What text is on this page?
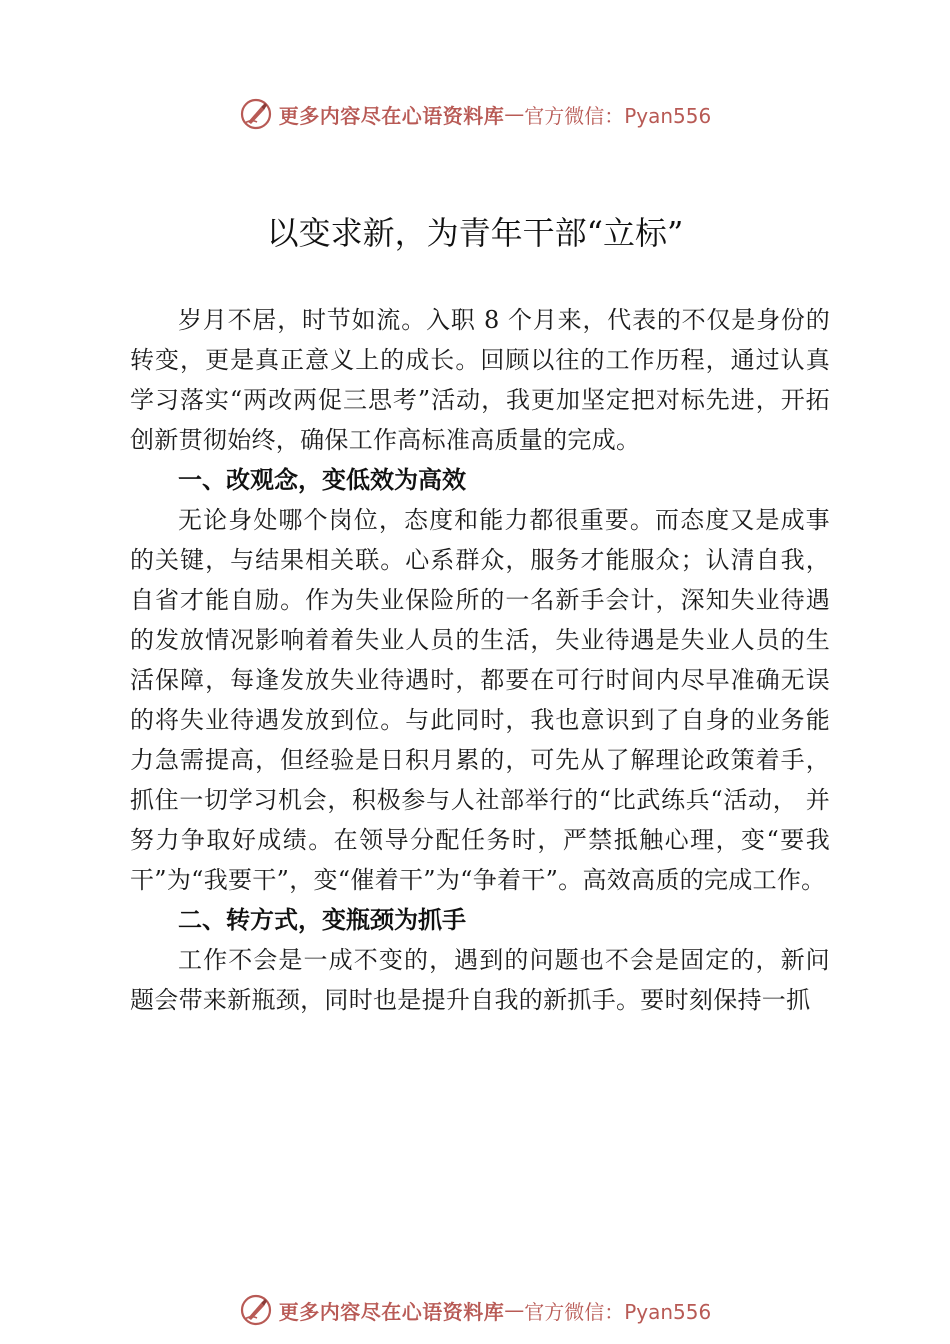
更多内容尽在心语资料库 — 官方微信：Pyan556
以变求新，为青年干部“立标”

岁月不居，时节如流。入职 8 个月来，代表的不仅是身份的转变，更是真正意义上的成长。回顾以往的工作历程，通过认真学习落实“两改两促三思考”活动，我更加坚定把对标先进，开拓创新贯彻始终，确保工作高标准高质量的完成。

一、改观念，变低效为高效

无论身处哪个岗位，态度和能力都很重要。而态度又是成事的关键，与结果相关联。心系群众，服务才能服众；认清自我，自省才能自励。作为失业保险所的一名新手会计，深知失业待遇的发放情况影响着着失业人员的生活，失业待遇是失业人员的生活保障，每逢发放失业待遇时，都要在可行时间内尽早准确无误的将失业待遇发放到位。与此同时，我也意识到了自身的业务能力急需提高，但经验是日积月累的，可先从了解理论政策着手， 抓住一切学习机会，积极参与人社部举行的“比武练兵“活动， 并努力争取好成绩。在领导分配任务时，严禁抵触心理，变“要我干”为“我要干”，变“催着干”为“争着干”。高效高质的完成工作。

二、转方式，变瓶颈为抓手

工作不会是一成不变的，遇到的问题也不会是固定的，新问题会带来新瓶颈，同时也是提升自我的新抓手。要时刻保持一抓

更多内容尽在心语资料库 — 官方微信：Pyan556
